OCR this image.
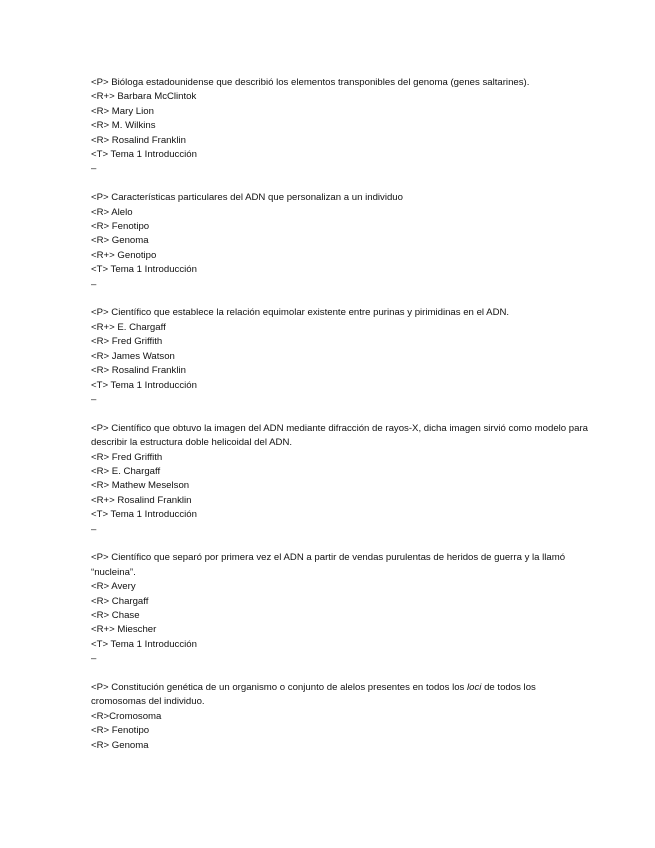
<P> Bióloga estadounidense que describió los elementos transponibles del genoma (genes saltarines).
<R+> Barbara McClintok
<R> Mary Lion
<R> M. Wilkins
<R> Rosalind Franklin
<T> Tema 1 Introducción
–
<P> Características particulares del ADN que personalizan a un individuo
<R> Alelo
<R> Fenotipo
<R> Genoma
<R+> Genotipo
<T> Tema 1 Introducción
–
<P> Científico que establece la relación equimolar existente entre purinas y pirimidinas en el ADN.
<R+> E. Chargaff
<R> Fred Griffith
<R> James Watson
<R> Rosalind Franklin
<T> Tema 1 Introducción
–
<P> Científico que obtuvo la imagen del ADN mediante difracción de rayos-X, dicha imagen sirvió como modelo para describir la estructura doble helicoidal del ADN.
<R> Fred Griffith
<R> E. Chargaff
<R> Mathew Meselson
<R+> Rosalind Franklin
<T> Tema 1 Introducción
–
<P> Científico que separó por primera vez el ADN a partir de vendas purulentas de heridos de guerra y la llamó “nucleina”.
<R> Avery
<R> Chargaff
<R> Chase
<R+> Miescher
<T> Tema 1 Introducción
–
<P> Constitución genética de un organismo o conjunto de alelos presentes en todos los loci de todos los cromosomas del individuo.
<R>Cromosoma
<R> Fenotipo
<R> Genoma
